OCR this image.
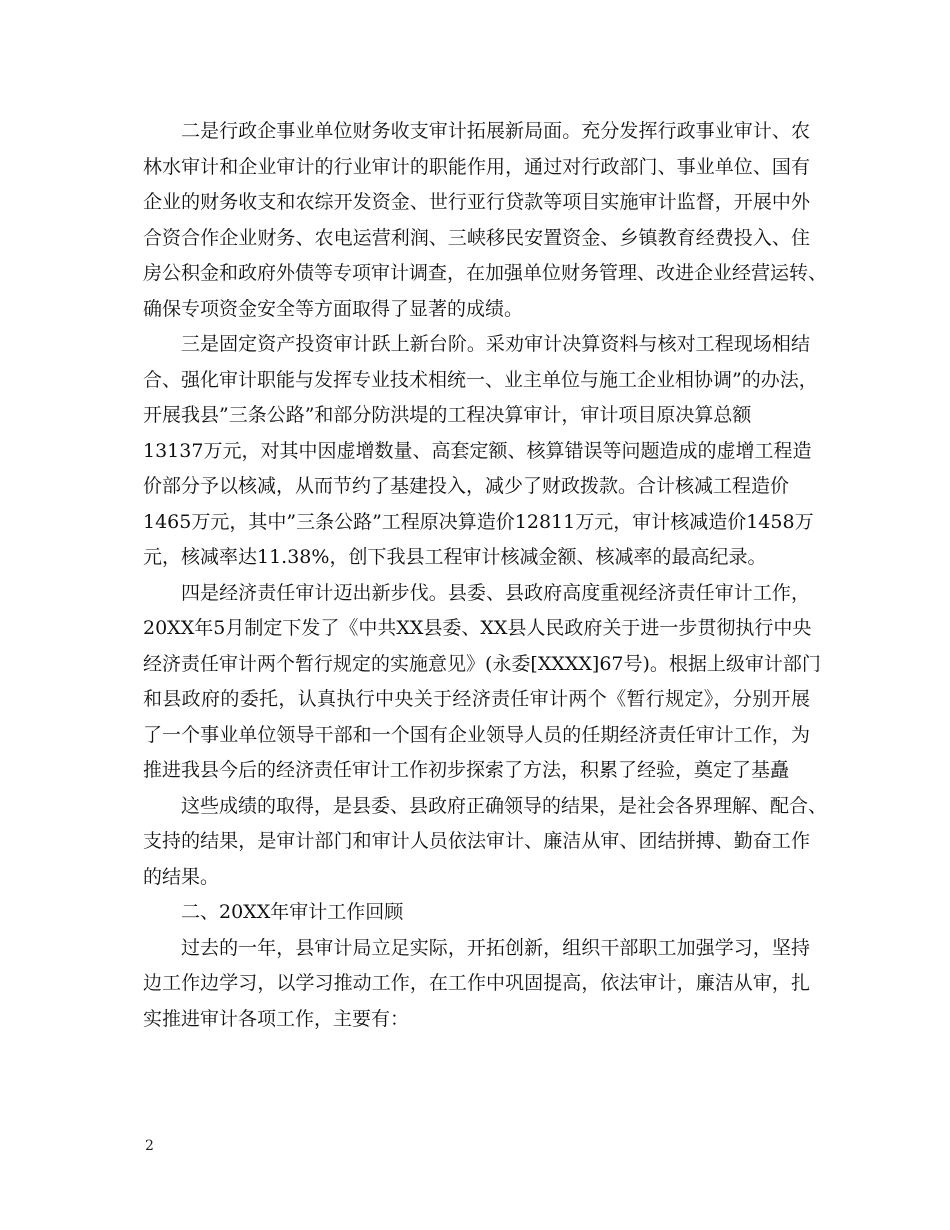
二是行政企事业单位财务收支审计拓展新局面。充分发挥行政事业审计、农
林水审计和企业审计的行业审计的职能作用，通过对行政部门、事业单位、国有
企业的财务收支和农综开发资金、世行亚行贷款等项目实施审计监督，开展中外
合资合作企业财务、农电运营利润、三峡移民安置资金、乡镇教育经费投入、住
房公积金和政府外债等专项审计调查，在加强单位财务管理、改进企业经营运转、
确保专项资金安全等方面取得了显著的成绩。
三是固定资产投资审计跃上新台阶。采劝审计决算资料与核对工程现场相结
合、强化审计职能与发挥专业技术相统一、业主单位与施工企业相协调”的办法，
开展我县”三条公路”和部分防洪堤的工程决算审计，审计项目原决算总额
13137万元，对其中因虚增数量、高套定额、核算错误等问题造成的虚增工程造
价部分予以核减，从而节约了基建投入，减少了财政拨款。合计核减工程造价
1465万元，其中”三条公路”工程原决算造价12811万元，审计核减造价1458万
元，核减率达11.38%，创下我县工程审计核减金额、核减率的最高纪录。
四是经济责任审计迈出新步伐。县委、县政府高度重视经济责任审计工作，
20XX年5月制定下发了《中共XX县委、XX县人民政府关于进一步贯彻执行中央
经济责任审计两个暂行规定的实施意见》(永委[XXXX]67号)。根据上级审计部门
和县政府的委托，认真执行中央关于经济责任审计两个《暂行规定》，分别开展
了一个事业单位领导干部和一个国有企业领导人员的任期经济责任审计工作，为
推进我县今后的经济责任审计工作初步探索了方法，积累了经验，奠定了基矗
这些成绩的取得，是县委、县政府正确领导的结果，是社会各界理解、配合、
支持的结果，是审计部门和审计人员依法审计、廉洁从审、团结拼搏、勤奋工作
的结果。
二、20XX年审计工作回顾
过去的一年，县审计局立足实际，开拓创新，组织干部职工加强学习，坚持
边工作边学习，以学习推动工作，在工作中巩固提高，依法审计，廉洁从审，扎
实推进审计各项工作，主要有：
2
